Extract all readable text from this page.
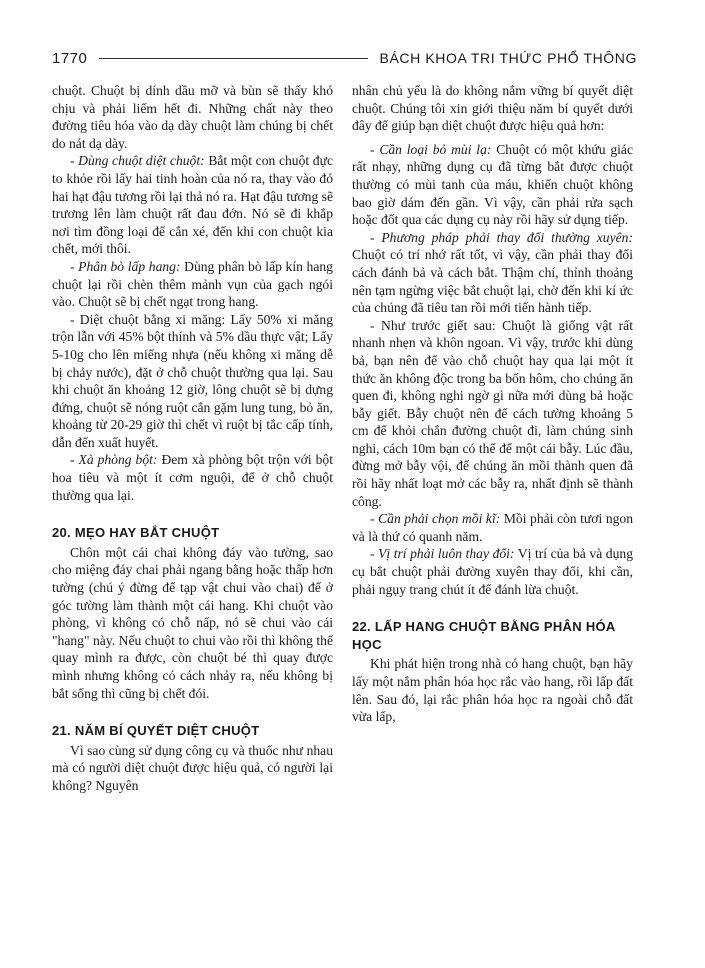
1770	BÁCH KHOA TRI THỨC PHỔ THÔNG

chuột. Chuột bị dính dầu mỡ và bùn sẽ thấy khó chịu và phải liếm hết đi. Những chất này theo đường tiêu hóa vào dạ dày chuột làm chúng bị chết do nát dạ dày.

- Dùng chuột diệt chuột: Bắt một con chuột đực to khỏe rồi lấy hai tinh hoàn của nó ra, thay vào đó hai hạt đậu tương rồi lại thả nó ra. Hạt đậu tương sẽ trương lên làm chuột rất đau đớn. Nó sẽ đi khắp nơi tìm đồng loại để cắn xé, đến khi con chuột kia chết, mới thôi.

- Phân bò lấp hang: Dùng phân bò lấp kín hang chuột lại rồi chèn thêm mảnh vụn của gạch ngói vào. Chuột sẽ bị chết ngạt trong hang.

- Diệt chuột bằng xi măng: Lấy 50% xi măng trộn lẫn với 45% bột thính và 5% dầu thực vật; Lấy 5-10g cho lên miếng nhựa (nếu không xi măng dễ bị chảy nước), đặt ở chỗ chuột thường qua lại. Sau khi chuột ăn khoảng 12 giờ, lông chuột sẽ bị dựng đứng, chuột sẽ nóng ruột cắn gặm lung tung, bỏ ăn, khoảng từ 20-29 giờ thì chết vì ruột bị tắc cấp tính, dẫn đến xuất huyết.

- Xà phòng bột: Đem xà phòng bột trộn với bột hoa tiêu và một ít cơm nguội, để ở chỗ chuột thường qua lại.

20. MẸO HAY BẮT CHUỘT

Chôn một cái chai không đáy vào tường, sao cho miệng đáy chai phải ngang bằng hoặc thấp hơn tường (chú ý đừng để tạp vật chui vào chai) để ở góc tường làm thành một cái hang. Khi chuột vào phòng, vì không có chỗ nấp, nó sẽ chui vào cái "hang" này. Nếu chuột to chui vào rồi thì không thể quay mình ra được, còn chuột bé thì quay được mình nhưng không có cách nhảy ra, nếu không bị bắt sống thì cũng bị chết đói.

21. NĂM BÍ QUYẾT DIỆT CHUỘT

Vì sao cùng sử dụng công cụ và thuốc như nhau mà có người diệt chuột được hiệu quả, có người lại không? Nguyên

nhân chủ yếu là do không nắm vững bí quyết diệt chuột. Chúng tôi xin giới thiệu năm bí quyết dưới đây để giúp bạn diệt chuột được hiệu quả hơn:

- Cần loại bỏ mùi lạ: Chuột có một khứu giác rất nhạy, những dụng cụ đã từng bắt được chuột thường có mùi tanh của máu, khiến chuột không bao giờ dám đến gần. Vì vậy, cần phải rửa sạch hoặc đốt qua các dụng cụ này rồi hãy sử dụng tiếp.

- Phương pháp phải thay đổi thường xuyên: Chuột có trí nhớ rất tốt, vì vậy, cần phải thay đổi cách đánh bả và cách bắt. Thậm chí, thỉnh thoảng nên tạm ngừng việc bắt chuột lại, chờ đến khi kí ức của chúng đã tiêu tan rồi mới tiến hành tiếp.

- Như trước giết sau: Chuột là giống vật rất nhanh nhẹn và khôn ngoan. Vì vậy, trước khi dùng bả, bạn nên để vào chỗ chuột hay qua lại một ít thức ăn không độc trong ba bốn hôm, cho chúng ăn quen đi, không nghi ngờ gì nữa mới dùng bả hoặc bẫy giết. Bẫy chuột nên để cách tường khoảng 5 cm để khỏi chắn đường chuột đi, làm chúng sinh nghi, cách 10m bạn có thể để một cái bẫy. Lúc đầu, đừng mở bẫy vội, để chúng ăn mồi thành quen đã rồi hãy nhất loạt mở các bẫy ra, nhất định sẽ thành công.

- Cần phải chọn mồi kĩ: Mồi phải còn tươi ngon và là thứ có quanh năm.

- Vị trí phải luôn thay đổi: Vị trí của bả và dụng cụ bắt chuột phải đường xuyên thay đổi, khi cần, phải ngụy trang chút ít để đánh lừa chuột.

22. LẤP HANG CHUỘT BẰNG PHÂN HÓA HỌC

Khi phát hiện trong nhà có hang chuột, bạn hãy lấy một nắm phân hóa học rắc vào hang, rồi lấp đất lên. Sau đó, lại rắc phân hóa học ra ngoài chỗ đất vừa lấp,
